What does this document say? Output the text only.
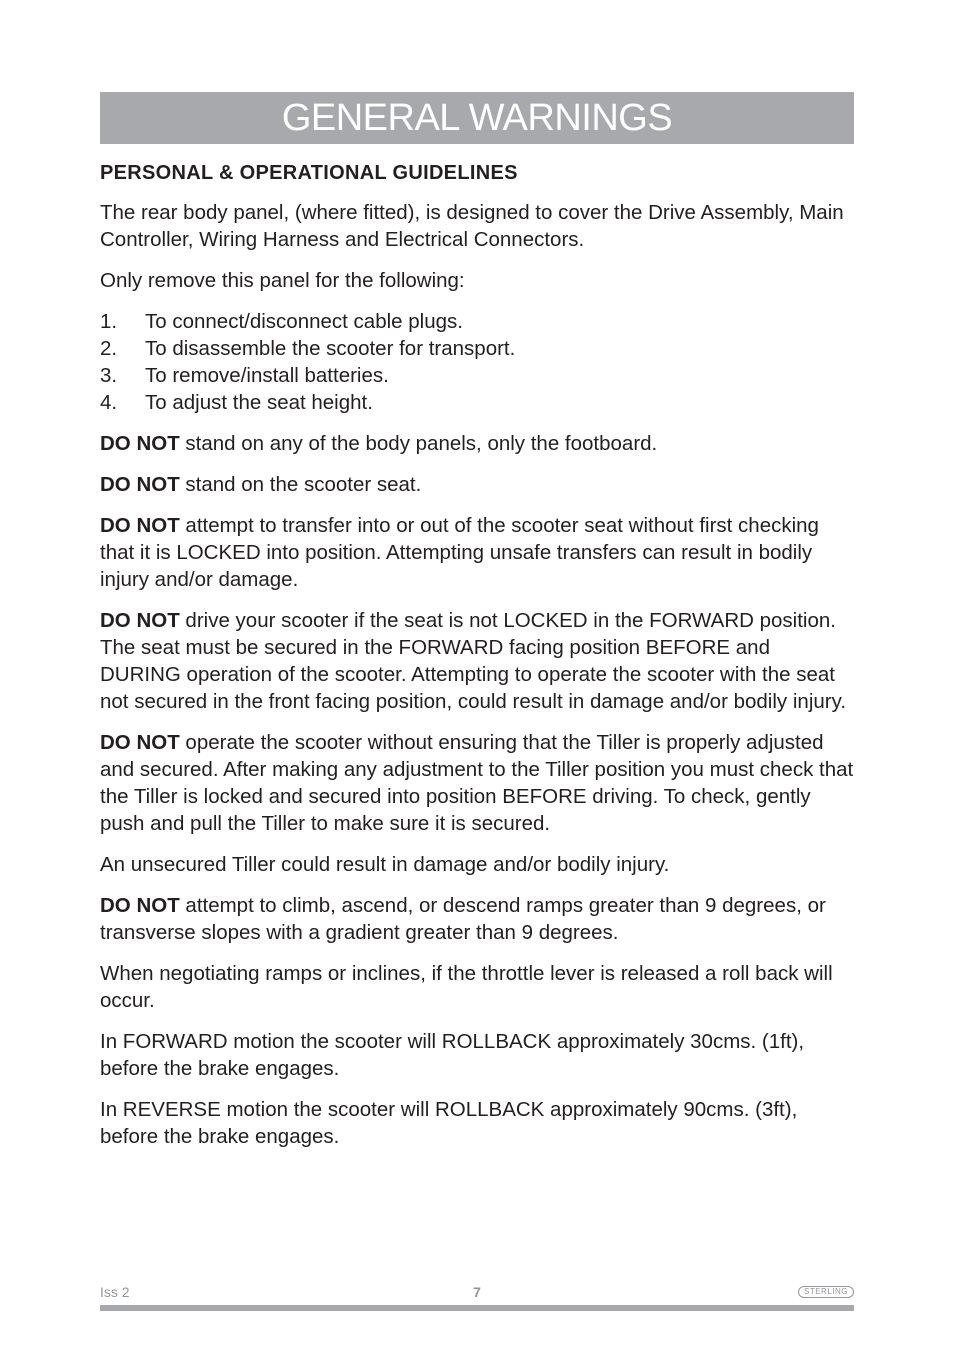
GENERAL WARNINGS
PERSONAL & OPERATIONAL GUIDELINES

The rear body panel, (where fitted), is designed to cover the Drive Assembly, Main Controller, Wiring Harness and Electrical Connectors.

Only remove this panel for the following:

1.	To connect/disconnect cable plugs.
2.	To disassemble the scooter for transport.
3.	To remove/install batteries.
4.	To adjust the seat height.

DO NOT stand on any of the body panels, only the footboard.

DO NOT stand on the scooter seat.

DO NOT attempt to transfer into or out of the scooter seat without first checking that it is LOCKED into position. Attempting unsafe transfers can result in bodily injury and/or damage.

DO NOT drive your scooter if the seat is not LOCKED in the FORWARD position. The seat must be secured in the FORWARD facing position BEFORE and DURING operation of the scooter. Attempting to operate the scooter with the seat not secured in the front facing position, could result in damage and/or bodily injury.

DO NOT operate the scooter without ensuring that the Tiller is properly adjusted and secured. After making any adjustment to the Tiller position you must check that the Tiller is locked and secured into position BEFORE driving. To check, gently push and pull the Tiller to make sure it is secured.

An unsecured Tiller could result in damage and/or bodily injury.

DO NOT attempt to climb, ascend, or descend ramps greater than 9 degrees, or transverse slopes with a gradient greater than 9 degrees.

When negotiating ramps or inclines, if the throttle lever is released a roll back will occur.

In FORWARD motion the scooter will ROLLBACK approximately 30cms. (1ft), before the brake engages.

In REVERSE motion the scooter will ROLLBACK approximately 90cms. (3ft), before the brake engages.

Iss 2	7	STERLING
